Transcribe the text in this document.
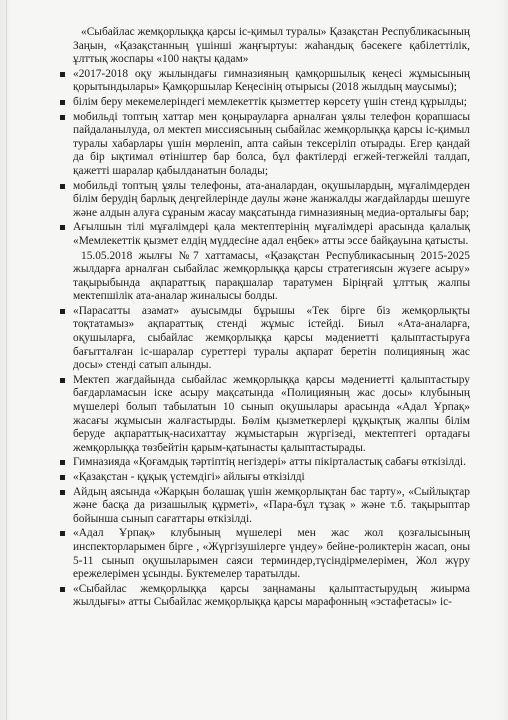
«Сыбайлас жемқорлыққа қарсы іс-қимыл туралы» Қазақстан Республикасының Заңын, «Қазақстанның үшінші жаңғыртуы: жаһандық бәсекеге қабілеттілік, ұлттық жоспары «100 нақты қадам»

«2017-2018 оқу жылындағы гимназияның қамқоршылық кеңесі жұмысының қорытындылары» Қамқоршылар Кеңесінің отырысы (2018 жылдың маусымы);

білім беру мекемелеріндегі мемлекеттік қызметтер көрсету үшін стенд құрылды;

мобильді топтың хаттар мен қоңырауларға арналған ұялы телефон қорапшасы пайдаланылуда, ол мектеп миссиясының сыбайлас жемқорлыққа қарсы іс-қимыл туралы хабарлары үшін мөрленіп, апта сайын тексеріліп отырады. Егер қандай да бір ықтимал өтініштер бар болса, бұл фактілерді егжей-тегжейлі талдап, қажетті шаралар қабылданатын болады;

мобильді топтың ұялы телефоны, ата-аналардан, оқушылардың, мұғалімдерден білім берудің барлық деңгейлерінде даулы және жанжалды жағдайларды шешуге және алдын алуға сұраным жасау мақсатында гимназияның медиа-орталығы бар;

Ағылшын тілі мұғалімдері қала мектептерінің мұғалімдері арасында қалалық «Мемлекеттік қызмет елдің мүддесіне адал еңбек» атты эссе байқауына қатысты.

15.05.2018 жылғы №7 хаттамасы, «Қазақстан Республикасының 2015-2025 жылдарға арналған сыбайлас жемқорлыққа қарсы стратегиясын жүзеге асыру» тақырыбында ақпараттық парақшалар таратумен Біріңғай ұлттық жалпы мектепшілік ата-аналар жиналысы болды.

«Парасатты азамат» ауысымды бұрышы «Тек бірге біз жемқорлықты тоқтатамыз» ақпараттық стенді жұмыс істейді. Биыл «Ата-аналарға, оқушыларға, сыбайлас жемқорлыққа қарсы мәдениетті қалыптастыруға бағытталған іс-шаралар суреттері туралы ақпарат беретін полицияның жас досы» стенді сатып алынды.

Мектеп жағдайында сыбайлас жемқорлыққа қарсы мәдениетті қалыптастыру бағдарламасын іске асыру мақсатында «Полицияның жас досы» клубының мүшелері болып табылатын 10 сынып оқушылары арасында «Адал Ұрпақ» жасағы жұмысын жалғастырды. Бөлім қызметкерлері құқықтық жалпы білім беруде ақпараттық-насихаттау жұмыстарын жүргізеді, мектептегі ортадағы жемқорлыққа төзбейтін қарым-қатынасты қалыптастырады.

Гимназияда «Қоғамдық тәртіптің негіздері» атты пікірталастық сабағы өткізілді.

«Қазақстан - құқық үстемдігі» айлығы өткізілді

Айдың аясында «Жарқын болашақ үшін жемқорлықтан бас тарту», «Сыйлықтар және басқа да ризашылық құрметі», «Пара-бұл тұзақ » және т.б. тақырыптар бойынша сынып сағаттары өткізілді.

«Адал Ұрпақ» клубының мүшелері мен жас жол қозғалысының инспекторларымен бірге , «Жүргізушілерге үндеу» бейне-роликтерін жасап, оны 5-11 сынып оқушыларымен саяси терминдер,түсіндірмелерімен, Жол жүру ережелерімен ұсынды. Буктемелер таратылды.

«Сыбайлас жемқорлыққа қарсы заңнаманы қалыптастырудың жиырма жылдығы» атты Сыбайлас жемқорлыққа қарсы марафонның «эстафетасы» іс-
